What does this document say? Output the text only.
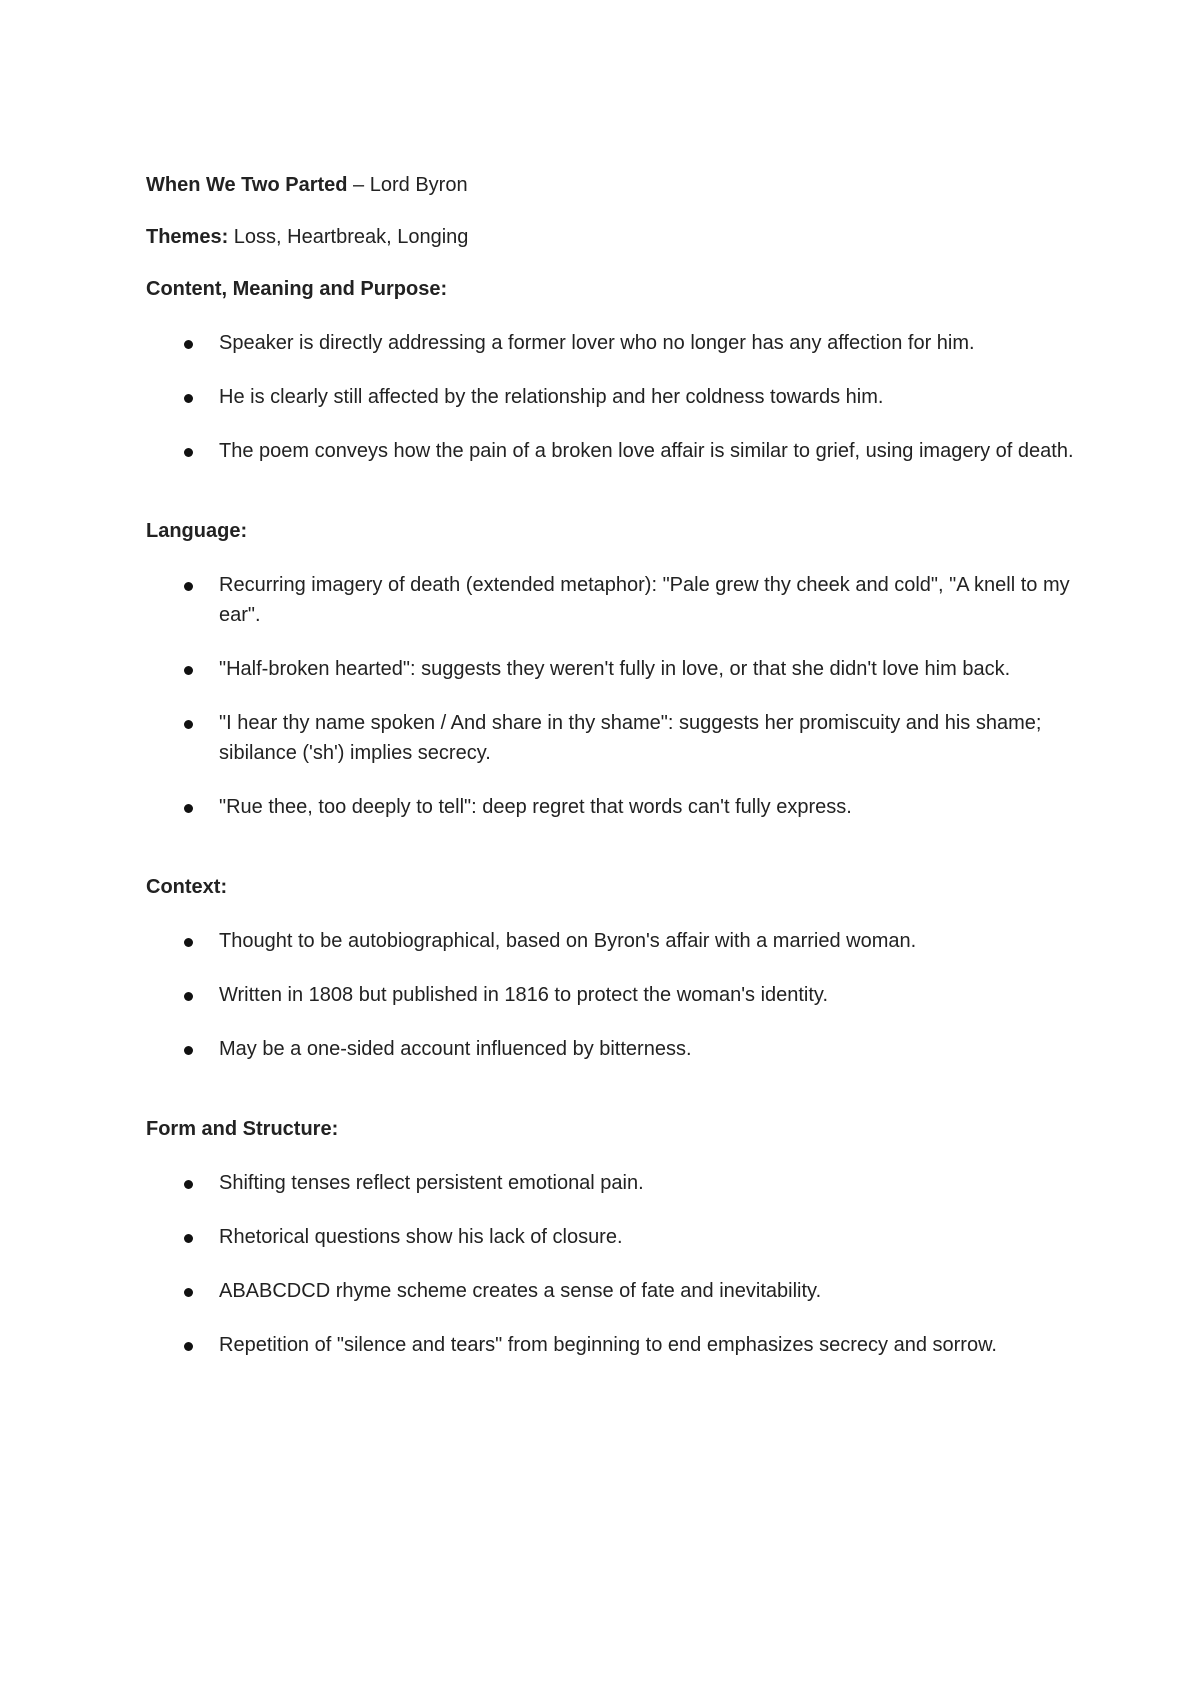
When We Two Parted – Lord Byron

Themes: Loss, Heartbreak, Longing

Content, Meaning and Purpose:

Speaker is directly addressing a former lover who no longer has any affection for him.
He is clearly still affected by the relationship and her coldness towards him.
The poem conveys how the pain of a broken love affair is similar to grief, using imagery of death.

Language:

Recurring imagery of death (extended metaphor): "Pale grew thy cheek and cold", "A knell to my ear".
"Half-broken hearted": suggests they weren't fully in love, or that she didn't love him back.
"I hear thy name spoken / And share in thy shame": suggests her promiscuity and his shame; sibilance ('sh') implies secrecy.
"Rue thee, too deeply to tell": deep regret that words can't fully express.

Context:

Thought to be autobiographical, based on Byron's affair with a married woman.
Written in 1808 but published in 1816 to protect the woman's identity.
May be a one-sided account influenced by bitterness.

Form and Structure:

Shifting tenses reflect persistent emotional pain.
Rhetorical questions show his lack of closure.
ABABCDCD rhyme scheme creates a sense of fate and inevitability.
Repetition of "silence and tears" from beginning to end emphasizes secrecy and sorrow.
